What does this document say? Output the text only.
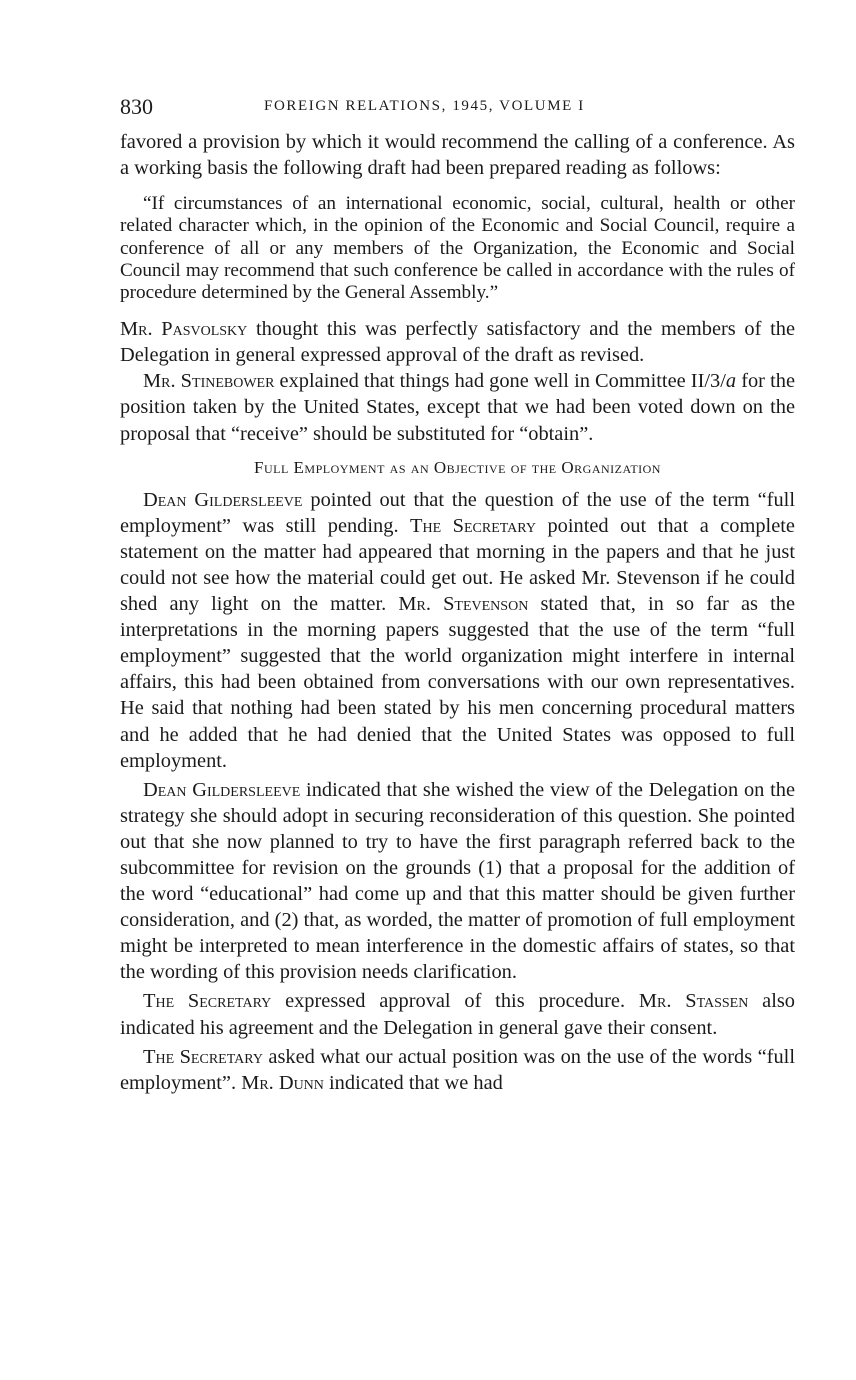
830	FOREIGN RELATIONS, 1945, VOLUME I

favored a provision by which it would recommend the calling of a conference. As a working basis the following draft had been prepared reading as follows:

“If circumstances of an international economic, social, cultural, health or other related character which, in the opinion of the Economic and Social Council, require a conference of all or any members of the Organization, the Economic and Social Council may recommend that such conference be called in accordance with the rules of procedure determined by the General Assembly.”

Mr. Pasvolsky thought this was perfectly satisfactory and the members of the Delegation in general expressed approval of the draft as revised.

Mr. Stinebower explained that things had gone well in Committee II/3/a for the position taken by the United States, except that we had been voted down on the proposal that “receive” should be substituted for “obtain”.

Full Employment as an Objective of the Organization

Dean Gildersleeve pointed out that the question of the use of the term “full employment” was still pending. The Secretary pointed out that a complete statement on the matter had appeared that morning in the papers and that he just could not see how the material could get out. He asked Mr. Stevenson if he could shed any light on the matter. Mr. Stevenson stated that, in so far as the interpretations in the morning papers suggested that the use of the term “full employment” suggested that the world organization might interfere in internal affairs, this had been obtained from conversations with our own representatives. He said that nothing had been stated by his men concerning procedural matters and he added that he had denied that the United States was opposed to full employment.

Dean Gildersleeve indicated that she wished the view of the Delegation on the strategy she should adopt in securing reconsideration of this question. She pointed out that she now planned to try to have the first paragraph referred back to the subcommittee for revision on the grounds (1) that a proposal for the addition of the word “educational” had come up and that this matter should be given further consideration, and (2) that, as worded, the matter of promotion of full employment might be interpreted to mean interference in the domestic affairs of states, so that the wording of this provision needs clarification.

The Secretary expressed approval of this procedure. Mr. Stassen also indicated his agreement and the Delegation in general gave their consent.

The Secretary asked what our actual position was on the use of the words “full employment”. Mr. Dunn indicated that we had
